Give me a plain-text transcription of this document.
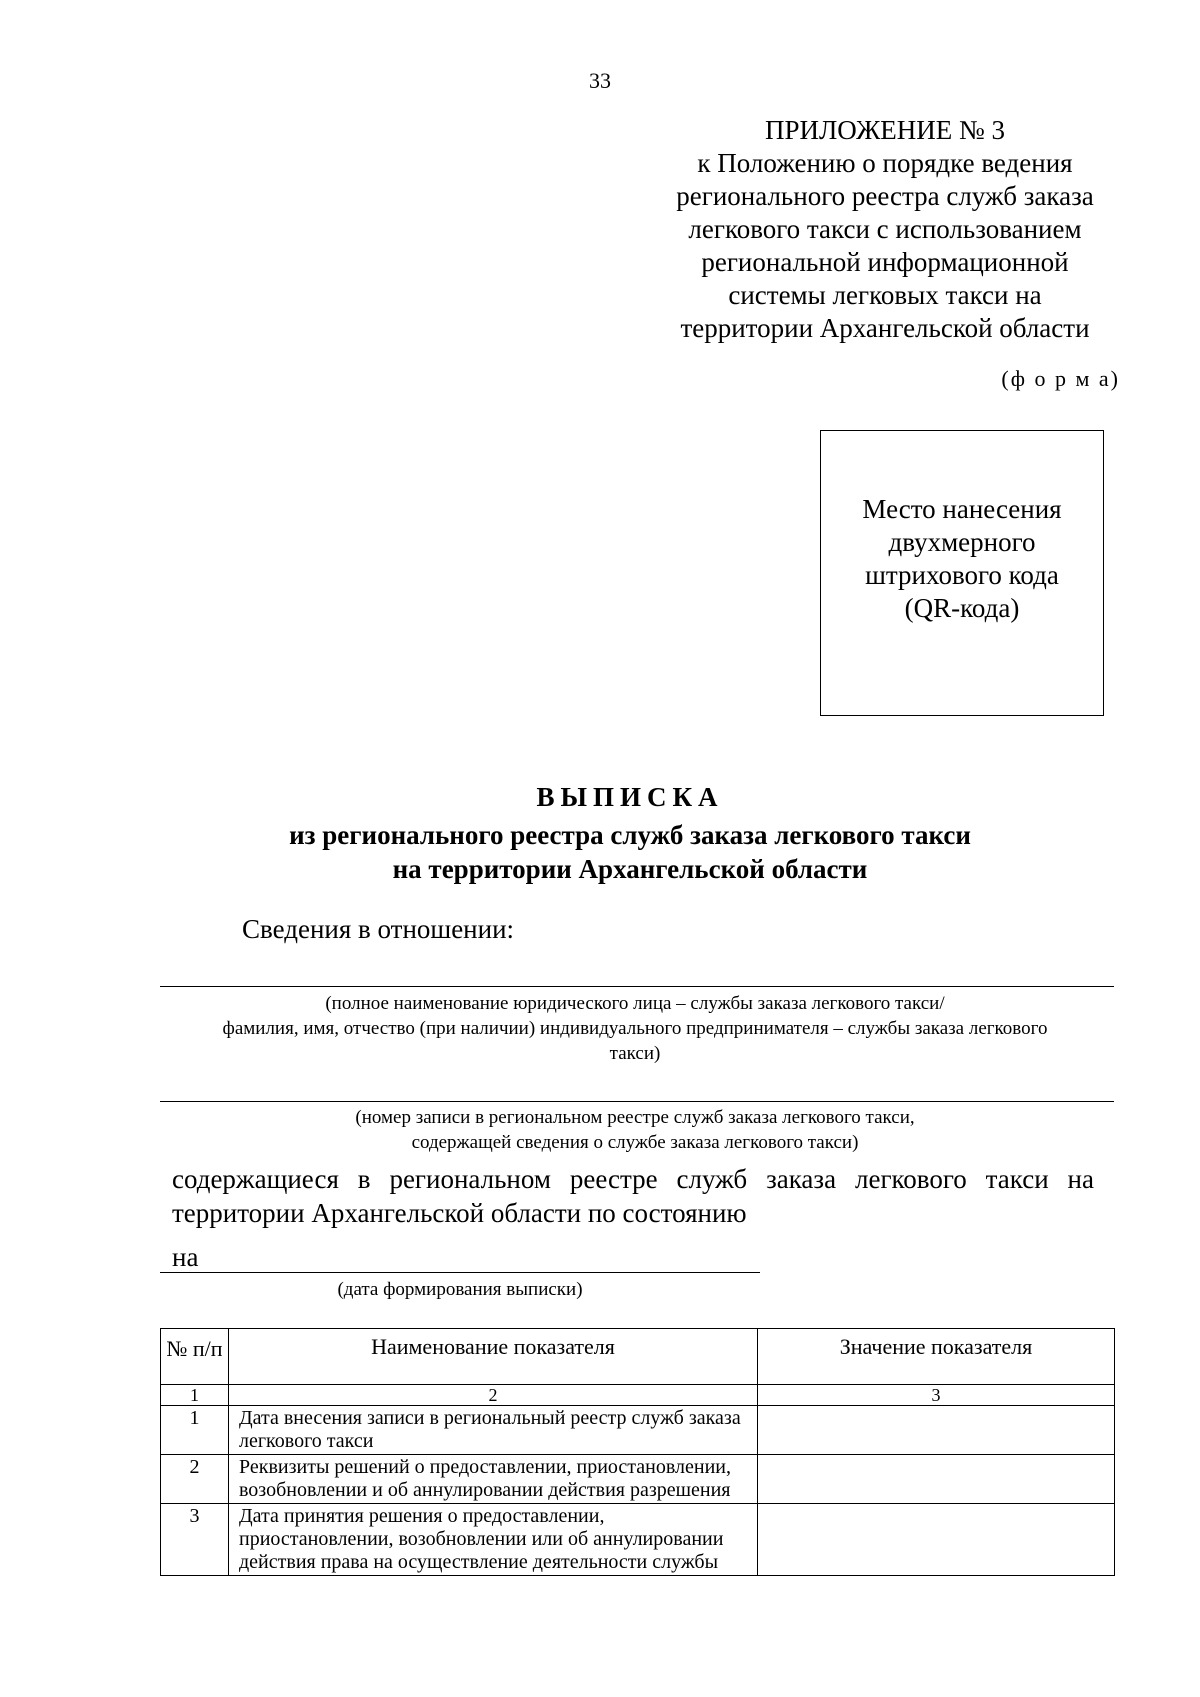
33
ПРИЛОЖЕНИЕ № 3
к Положению о порядке ведения
регионального реестра служб заказа
легкового такси с использованием
региональной информационной
системы легковых такси на
территории Архангельской области
(ф о р м а)
Место нанесения
двухмерного
штрихового кода
(QR-кода)
ВЫПИСКА
из регионального реестра служб заказа легкового такси
на территории Архангельской области
Сведения в отношении:
(полное наименование юридического лица – службы заказа легкового такси/
фамилия, имя, отчество (при наличии) индивидуального предпринимателя – службы заказа легкового
такси)
(номер записи в региональном реестре служб заказа легкового такси,
содержащей сведения о службе заказа легкового такси)
содержащиеся в региональном реестре служб заказа легкового такси на территории Архангельской области по состоянию
на
(дата формирования выписки)
№ п/п	Наименование показателя	Значение показателя
1	2	3
1	Дата внесения записи в региональный реестр служб заказа легкового такси	
2	Реквизиты решений о предоставлении, приостановлении, возобновлении и об аннулировании действия разрешения	
3	Дата принятия решения о предоставлении, приостановлении, возобновлении или об аннулировании действия права на осуществление деятельности службы	
